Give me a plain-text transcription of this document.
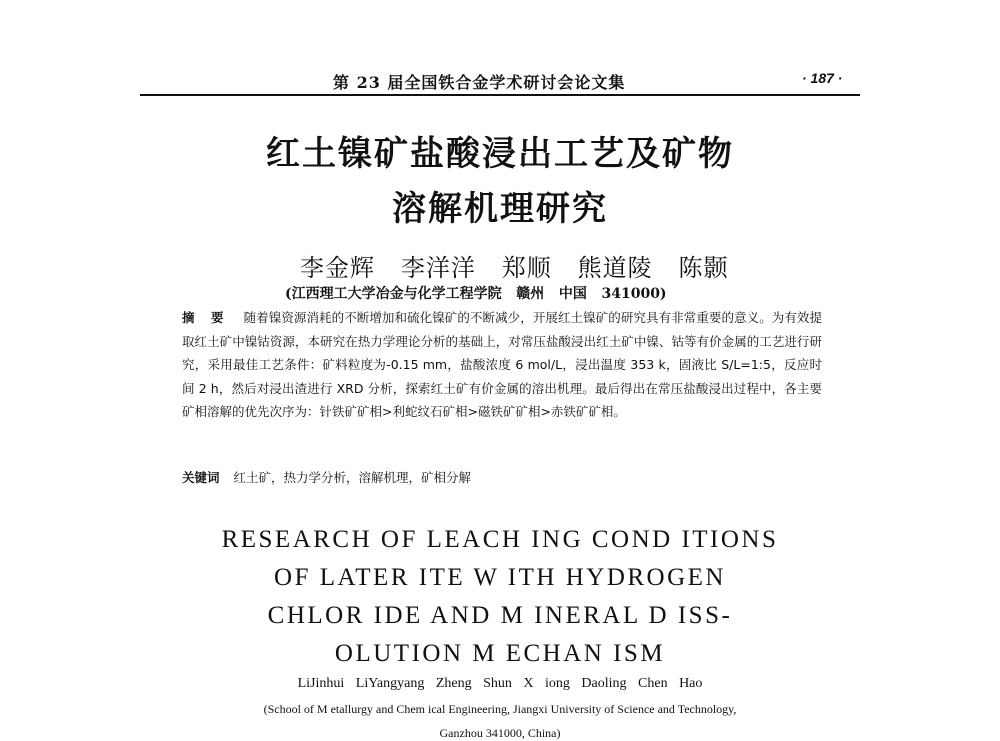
第 23 届全国铁合金学术研讨会论文集	· 187 ·
红土镍矿盐酸浸出工艺及矿物
溶解机理研究
李金辉   李洋洋   郑顺   熊道陵   陈颢
(江西理工大学冶金与化学工程学院   赣州   中国   341000)
摘 要 随着镍资源消耗的不断增加和硫化镍矿的不断减少，开展红土镍矿的研究具有非常重要的意义。为有效提取红土矿中镍钴资源，本研究在热力学理论分析的基础上，对常压盐酸浸出红土矿中镍、钴等有价金属的工艺进行研究，采用最佳工艺条件：矿料粒度为-0.15 mm，盐酸浓度 6 mol/L，浸出温度 353 k，固液比 S/L=1:5，反应时间 2 h，然后对浸出渣进行 XRD 分析，探索红土矿有价金属的溶出机理。最后得出在常压盐酸浸出过程中，各主要矿相溶解的优先次序为：针铁矿矿相>利蛇纹石矿相>磁铁矿矿相>赤铁矿矿相。
关键词 红土矿，热力学分析，溶解机理，矿相分解
RESEARCH OF LEACH ING COND ITIONS
OF LATER ITE W ITH HYDROGEN
CHLOR IDE AND M INERAL D ISS-
OLUTION M ECHAN ISM
LiJinhui LiYangyang Zheng Shun X iong Daoling Chen Hao
(School of M etallurgy and Chem ical Engineering, Jiangxi University of Science and Technology,
Ganzhou 341000, China)
